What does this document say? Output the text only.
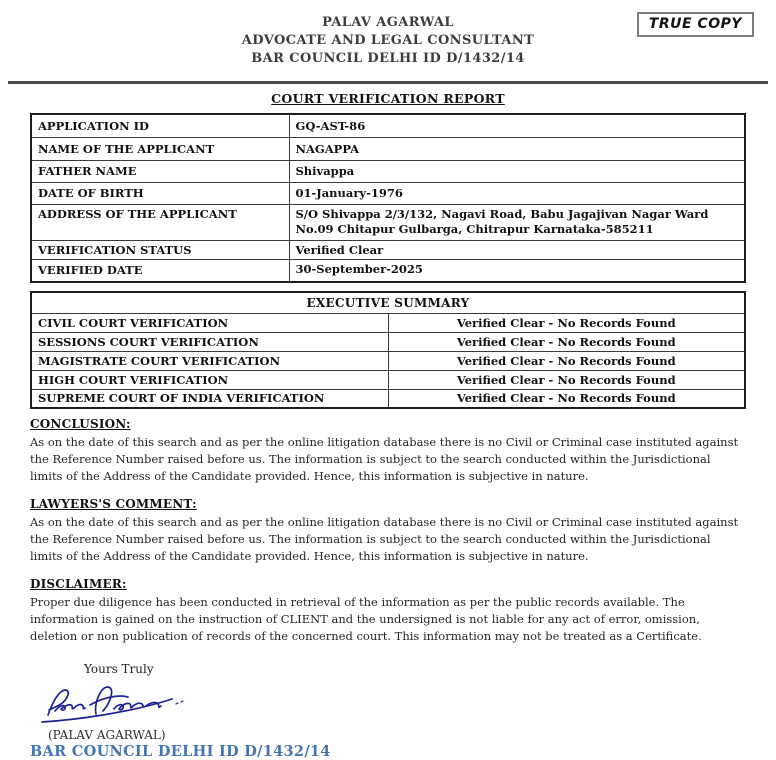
PALAV AGARWAL
ADVOCATE AND LEGAL CONSULTANT
BAR COUNCIL DELHI ID D/1432/14
TRUE COPY
COURT VERIFICATION REPORT
APPLICATION ID	GQ-AST-86
NAME OF THE APPLICANT	NAGAPPA
FATHER NAME	Shivappa
DATE OF BIRTH	01-January-1976
ADDRESS OF THE APPLICANT	S/O Shivappa 2/3/132, Nagavi Road, Babu Jagajivan Nagar Ward No.09 Chitapur Gulbarga, Chitrapur Karnataka-585211
VERIFICATION STATUS	Verified Clear
VERIFIED DATE	30-September-2025
EXECUTIVE SUMMARY	
CIVIL COURT VERIFICATION	Verified Clear - No Records Found
SESSIONS COURT VERIFICATION	Verified Clear - No Records Found
MAGISTRATE COURT VERIFICATION	Verified Clear - No Records Found
HIGH COURT VERIFICATION	Verified Clear - No Records Found
SUPREME COURT OF INDIA VERIFICATION	Verified Clear - No Records Found
CONCLUSION:
As on the date of this search and as per the online litigation database there is no Civil or Criminal case instituted against the Reference Number raised before us. The information is subject to the search conducted within the Jurisdictional limits of the Address of the Candidate provided. Hence, this information is subjective in nature.
LAWYERS'S COMMENT:
As on the date of this search and as per the online litigation database there is no Civil or Criminal case instituted against the Reference Number raised before us. The information is subject to the search conducted within the Jurisdictional limits of the Address of the Candidate provided. Hence, this information is subjective in nature.
DISCLAIMER:
Proper due diligence has been conducted in retrieval of the information as per the public records available. The information is gained on the instruction of CLIENT and the undersigned is not liable for any act of error, omission, deletion or non publication of records of the concerned court. This information may not be treated as a Certificate.
Yours Truly
(PALAV AGARWAL)
BAR COUNCIL DELHI ID D/1432/14
